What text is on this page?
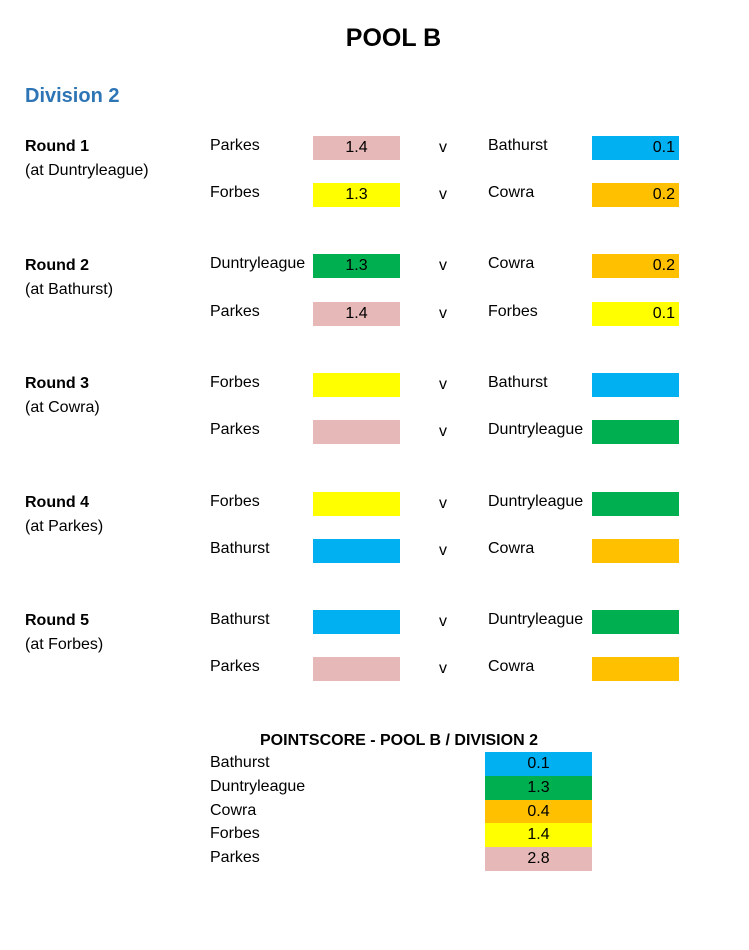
POOL B
Division 2
Round 1
(at Duntryleague)
Parkes	1.4	v	Bathurst	0.1
Forbes	1.3	v	Cowra	0.2
Round 2
(at Bathurst)
Duntryleague	1.3	v	Cowra	0.2
Parkes	1.4	v	Forbes	0.1
Round 3
(at Cowra)
Forbes	v	Bathurst
Parkes	v	Duntryleague
Round 4
(at Parkes)
Forbes	v	Duntryleague
Bathurst	v	Cowra
Round 5
(at Forbes)
Bathurst	v	Duntryleague
Parkes	v	Cowra
POINTSCORE - POOL B / DIVISION 2
Bathurst	0.1
Duntryleague	1.3
Cowra	0.4
Forbes	1.4
Parkes	2.8
